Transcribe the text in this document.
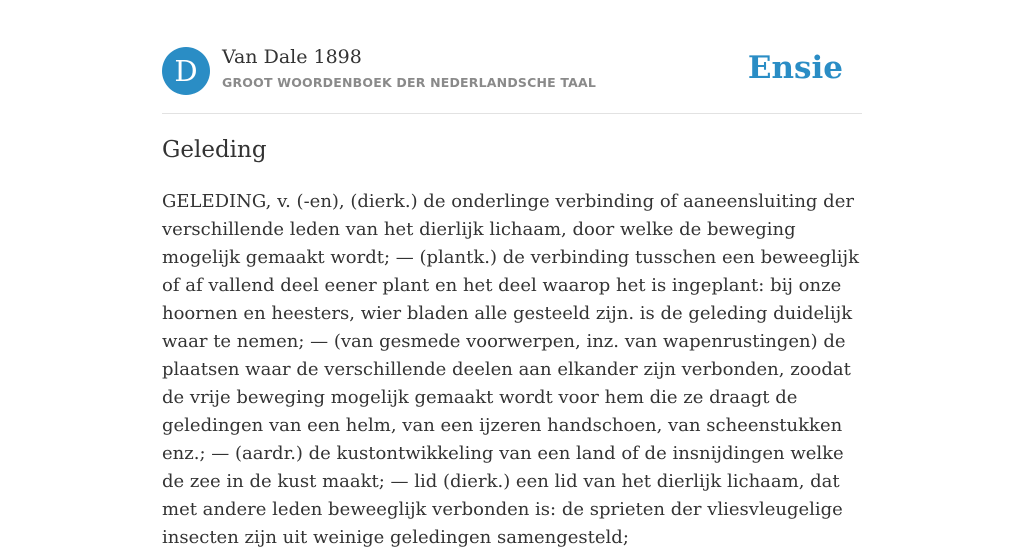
D	Van Dale 1898
GROOT WOORDENBOEK DER NEDERLANDSCHE TAAL	Ensie
Geleding

GELEDING, v. (-en), (dierk.) de onderlinge verbinding of aaneensluiting der verschillende leden van het dierlijk lichaam, door welke de beweging mogelijk gemaakt wordt; — (plantk.) de verbinding tusschen een beweeglijk of af vallend deel eener plant en het deel waarop het is ingeplant: bij onze hoornen en heesters, wier bladen alle gesteeld zijn. is de geleding duidelijk waar te nemen; — (van gesmede voorwerpen, inz. van wapenrustingen) de plaatsen waar de verschillende deelen aan elkander zijn verbonden, zoodat de vrije beweging mogelijk gemaakt wordt voor hem die ze draagt de geledingen van een helm, van een ijzeren handschoen, van scheenstukken enz.; — (aardr.) de kustontwikkeling van een land of de insnijdingen welke de zee in de kust maakt; — lid (dierk.) een lid van het dierlijk lichaam, dat met andere leden beweeglijk verbonden is: de sprieten der vliesvleugelige insecten zijn uit weinige geledingen samengesteld;
